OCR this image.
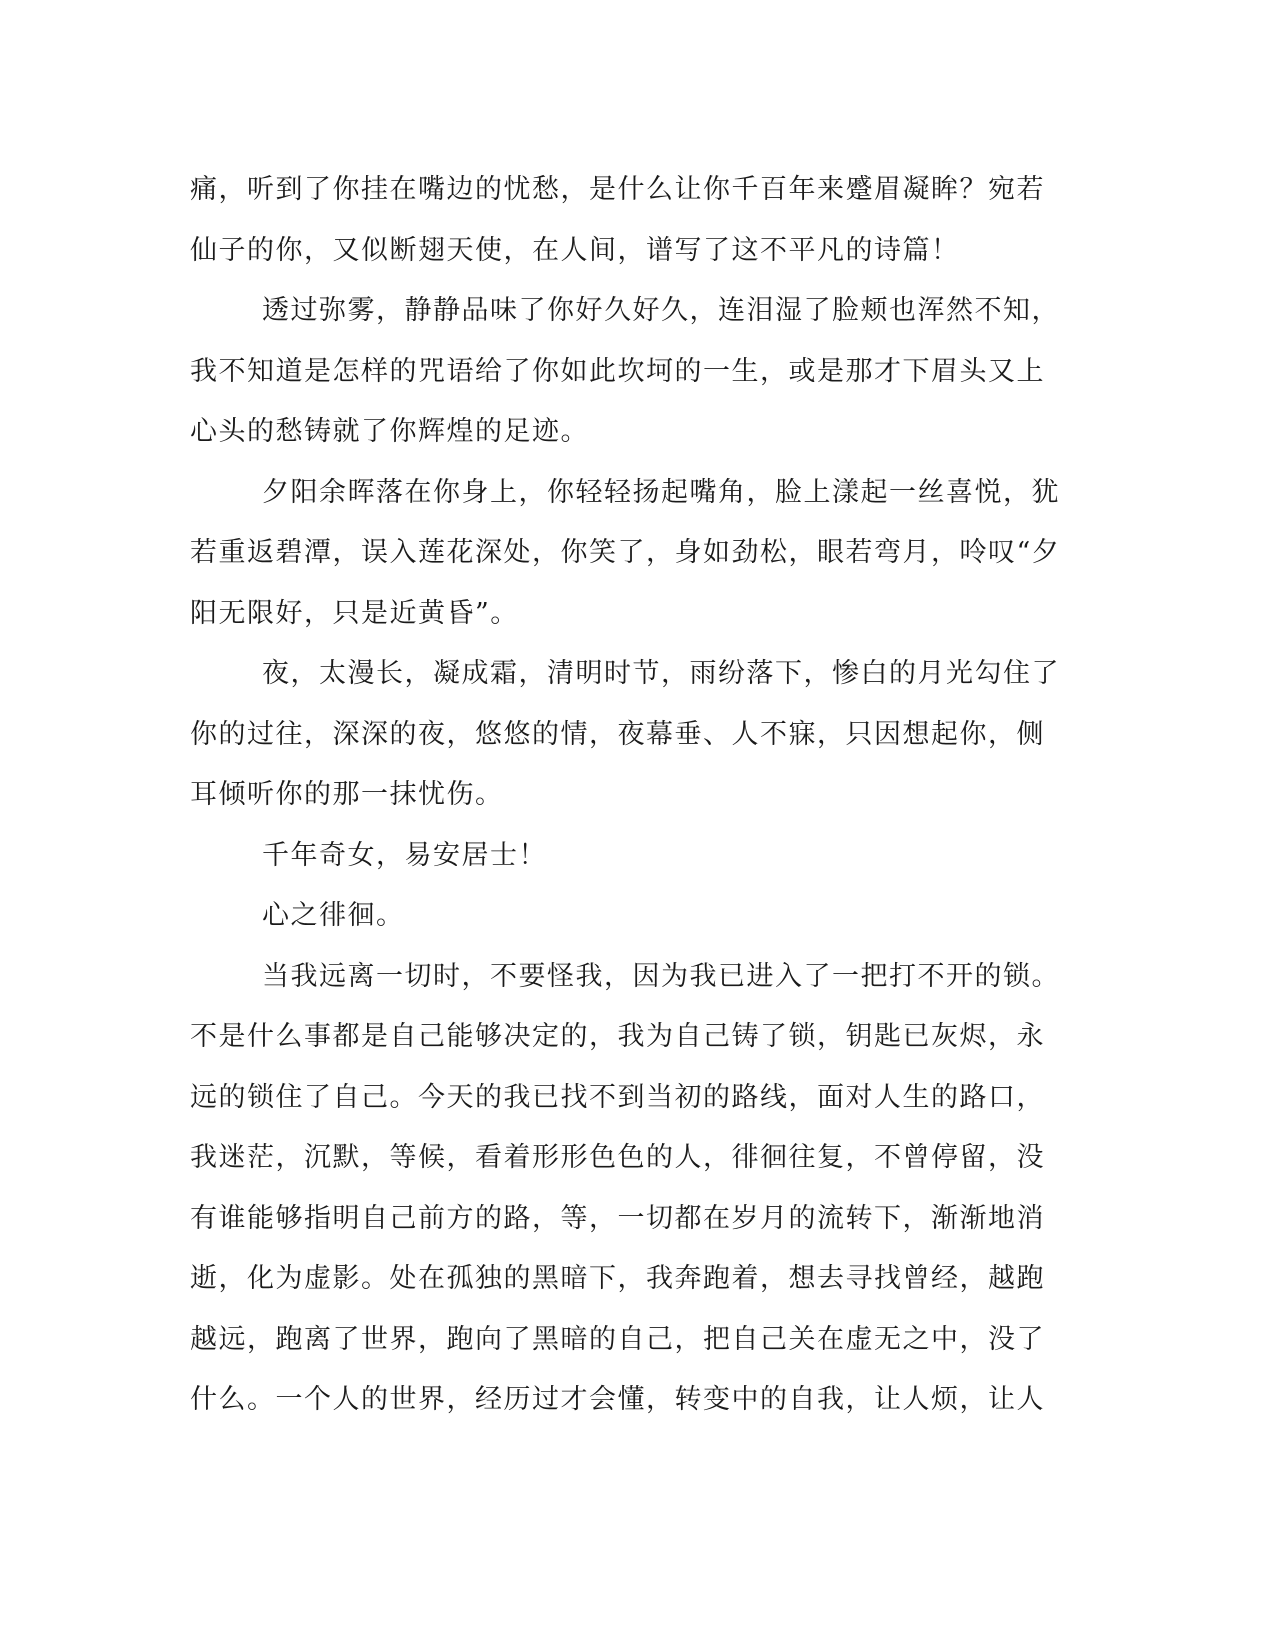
痛，听到了你挂在嘴边的忧愁，是什么让你千百年来蹙眉凝眸？宛若
仙子的你，又似断翅天使，在人间，谱写了这不平凡的诗篇！
透过弥雾，静静品味了你好久好久，连泪湿了脸颊也浑然不知，
我不知道是怎样的咒语给了你如此坎坷的一生，或是那才下眉头又上
心头的愁铸就了你辉煌的足迹。
夕阳余晖落在你身上，你轻轻扬起嘴角，脸上漾起一丝喜悦，犹
若重返碧潭，误入莲花深处，你笑了，身如劲松，眼若弯月，呤叹“夕
阳无限好，只是近黄昏”。
夜，太漫长，凝成霜，清明时节，雨纷落下，惨白的月光勾住了
你的过往，深深的夜，悠悠的情，夜幕垂、人不寐，只因想起你，侧
耳倾听你的那一抹忧伤。
千年奇女，易安居士！
心之徘徊。
当我远离一切时，不要怪我，因为我已进入了一把打不开的锁。
不是什么事都是自己能够决定的，我为自己铸了锁，钥匙已灰烬，永
远的锁住了自己。今天的我已找不到当初的路线，面对人生的路口，
我迷茫，沉默，等候，看着形形色色的人，徘徊往复，不曾停留，没
有谁能够指明自己前方的路，等，一切都在岁月的流转下，渐渐地消
逝，化为虚影。处在孤独的黑暗下，我奔跑着，想去寻找曾经，越跑
越远，跑离了世界，跑向了黑暗的自己，把自己关在虚无之中，没了
什么。一个人的世界，经历过才会懂，转变中的自我，让人烦，让人
